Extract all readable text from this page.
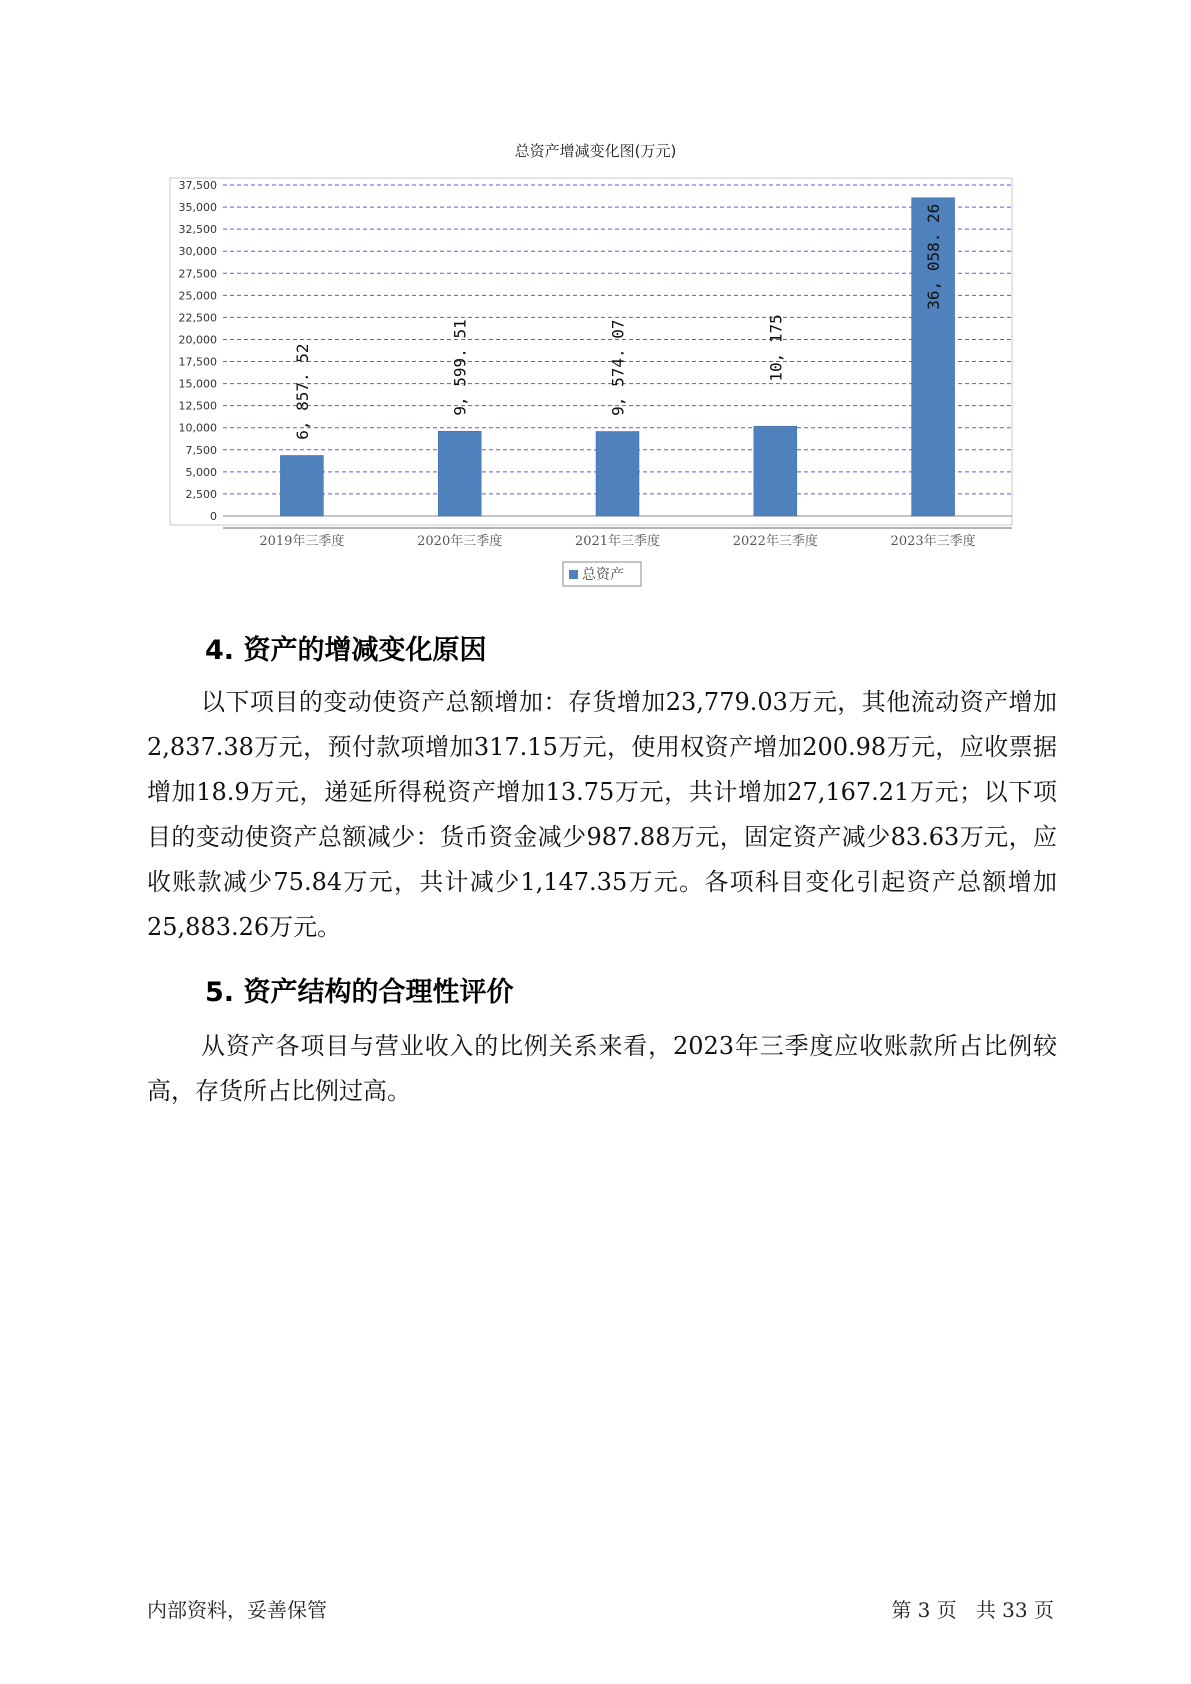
总资产增减变化图(万元)
0
2,500
5,000
7,500
10,000
12,500
15,000
17,500
20,000
22,500
25,000
27,500
30,000
32,500
35,000
37,500
2019年三季度
6, 857. 52
2020年三季度
9, 599. 51
2021年三季度
9, 574. 07
2022年三季度
10, 175
2023年三季度
36, 058. 26
总资产
4. 资产的增减变化原因

以下项目的变动使资产总额增加：存货增加23,779.03万元，其他流动资产增加2,837.38万元，预付款项增加317.15万元，使用权资产增加200.98万元，应收票据增加18.9万元，递延所得税资产增加13.75万元，共计增加27,167.21万元；以下项目的变动使资产总额减少：货币资金减少987.88万元，固定资产减少83.63万元，应收账款减少75.84万元，共计减少1,147.35万元。各项科目变化引起资产总额增加25,883.26万元。

5. 资产结构的合理性评价

从资产各项目与营业收入的比例关系来看，2023年三季度应收账款所占比例较高，存货所占比例过高。

内部资料，妥善保管	第 3 页   共 33 页
